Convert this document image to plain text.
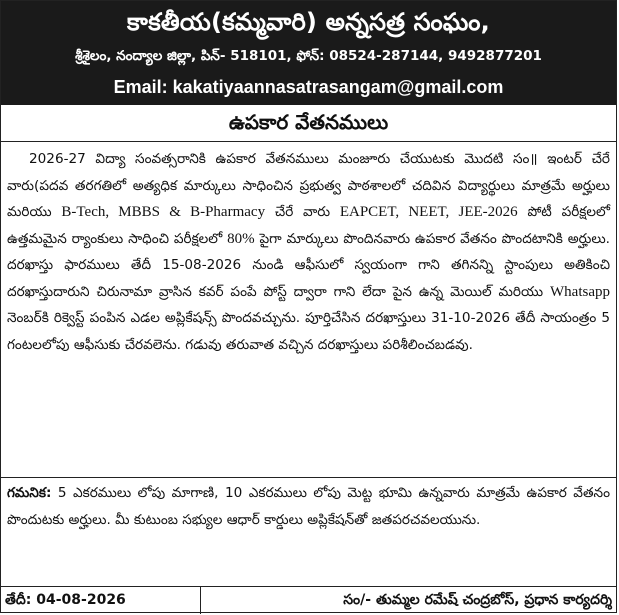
కాకతీయ(కమ్మవారి) అన్నసత్ర సంఘం,
శ్రీశైలం, నంద్యాల జిల్లా, పిన్- 518101, ఫోన్: 08524-287144, 9492877201
Email: kakatiyaannasatrasangam@gmail.com
ఉపకార వేతనములు
2026-27 విద్యా సంవత్సరానికి ఉపకార వేతనములు మంజూరు చేయుటకు మొదటి సం॥ ఇంటర్ చేరే వారు(పదవ తరగతిలో అత్యధిక మార్కులు సాధించిన ప్రభుత్వ పాఠశాలలో చదివిన విద్యార్థులు మాత్రమే అర్హులు మరియు B-Tech, MBBS & B-Pharmacy చేరే వారు EAPCET, NEET, JEE-2026 పోటీ పరీక్షలలో ఉత్తమమైన ర్యాంకులు సాధించి పరీక్షలలో 80% పైగా మార్కులు పొందినవారు ఉపకార వేతనం పొందటానికి అర్హులు. దరఖాస్తు ఫారములు తేదీ 15-08-2026 నుండి ఆఫీసులో స్వయంగా గాని తగినన్ని స్టాంపులు అతికించి దరఖాస్తుదారుని చిరునామా వ్రాసిన కవర్ పంపే పోస్ట్ ద్వారా గాని లేదా పైన ఉన్న మెయిల్ మరియు Whatsapp నెంబర్‌కి రిక్వెస్ట్ పంపిన ఎడల అప్లికేషన్స్ పొందవచ్చును. పూర్తిచేసిన దరఖాస్తులు 31-10-2026 తేదీ సాయంత్రం 5 గంటలలోపు ఆఫీసుకు చేరవలెను. గడువు తరువాత వచ్చిన దరఖాస్తులు పరిశీలించబడవు.
గమనిక: 5 ఎకరములు లోపు మాగాణి, 10 ఎకరములు లోపు మెట్ట భూమి ఉన్నవారు మాత్రమే ఉపకార వేతనం పొందుటకు అర్హులు. మీ కుటుంబ సభ్యుల ఆధార్ కార్డులు అప్లికేషన్‌తో జతపరచవలయును.
తేదీ: 04-08-2026	సం/- తుమ్మల రమేష్ చంద్రబోస్, ప్రధాన కార్యదర్శి
